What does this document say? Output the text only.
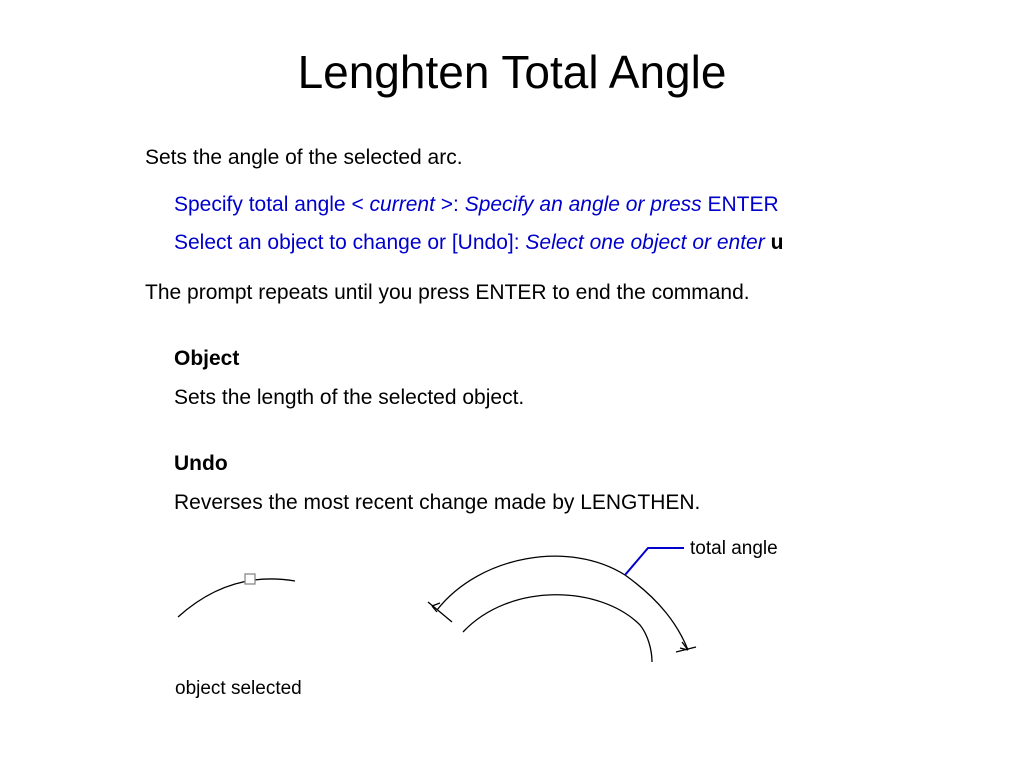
Lenghten Total Angle
Sets the angle of the selected arc.
Specify total angle < current >: Specify an angle or press ENTER
Select an object to change or [Undo]: Select one object or enter u
The prompt repeats until you press ENTER to end the command.
Object
Sets the length of the selected object.
Undo
Reverses the most recent change made by LENGTHEN.
total angle
object selected
